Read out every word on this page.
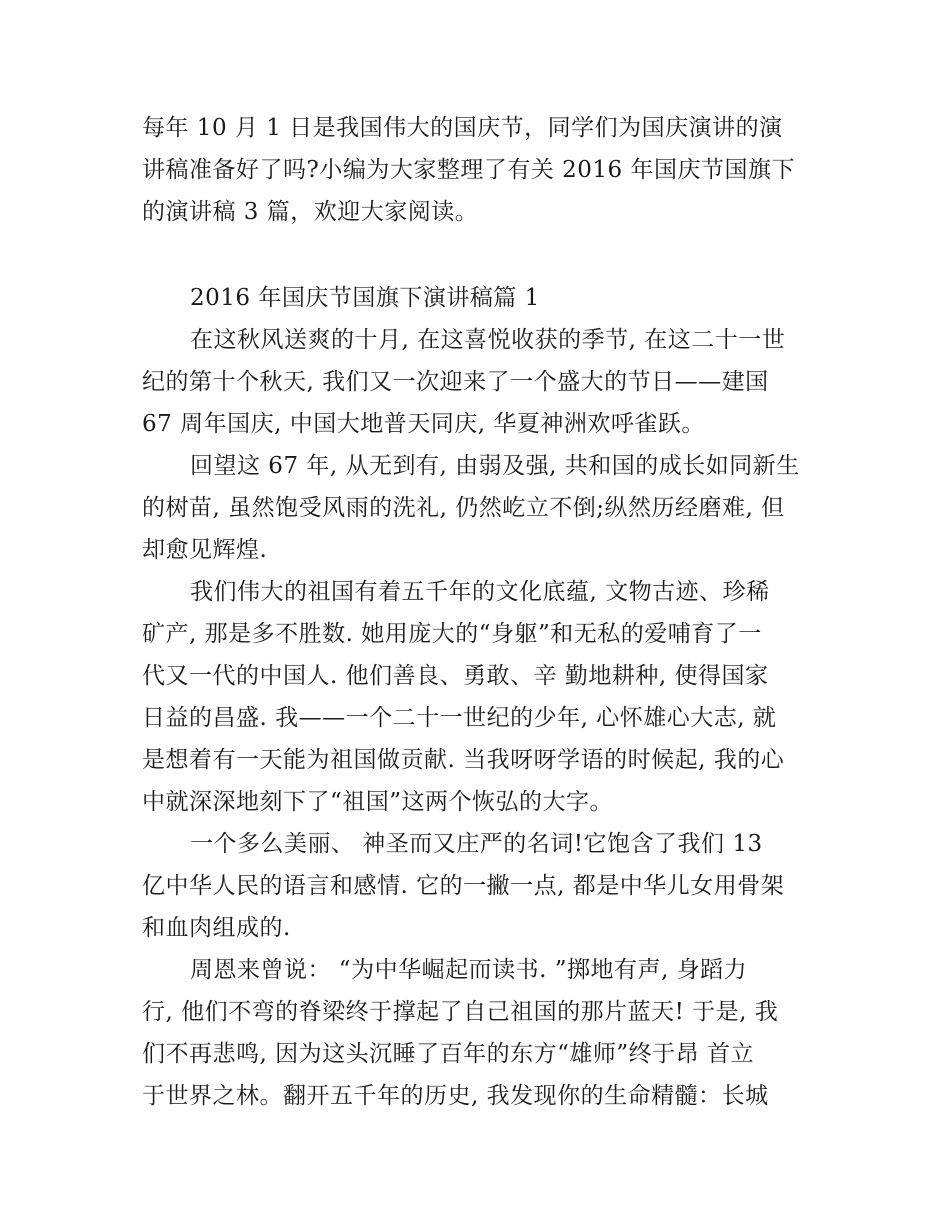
每年 10 月 1 日是我国伟大的国庆节，同学们为国庆演讲的演
讲稿准备好了吗?小编为大家整理了有关 2016 年国庆节国旗下
的演讲稿 3 篇，欢迎大家阅读。
2016 年国庆节国旗下演讲稿篇 1
在这秋风送爽的十月, 在这喜悦收获的季节, 在这二十一世
纪的第十个秋天, 我们又一次迎来了一个盛大的节日——建国
67 周年国庆, 中国大地普天同庆, 华夏神洲欢呼雀跃。
回望这 67 年, 从无到有, 由弱及强, 共和国的成长如同新生
的树苗, 虽然饱受风雨的洗礼, 仍然屹立不倒;纵然历经磨难, 但
却愈见辉煌.
我们伟大的祖国有着五千年的文化底蕴, 文物古迹、珍稀
矿产, 那是多不胜数. 她用庞大的“身躯”和无私的爱哺育了一
代又一代的中国人. 他们善良、勇敢、辛 勤地耕种, 使得国家
日益的昌盛. 我——一个二十一世纪的少年, 心怀雄心大志, 就
是想着有一天能为祖国做贡献. 当我呀呀学语的时候起, 我的心
中就深深地刻下了“祖国”这两个恢弘的大字。
一个多么美丽、 神圣而又庄严的名词!它饱含了我们 13
亿中华人民的语言和感情. 它的一撇一点, 都是中华儿女用骨架
和血肉组成的.
周恩来曾说： “为中华崛起而读书. ”掷地有声, 身蹈力
行, 他们不弯的脊梁终于撑起了自己祖国的那片蓝天! 于是, 我
们不再悲鸣, 因为这头沉睡了百年的东方“雄师”终于昂 首立
于世界之林。翻开五千年的历史, 我发现你的生命精髓：长城
